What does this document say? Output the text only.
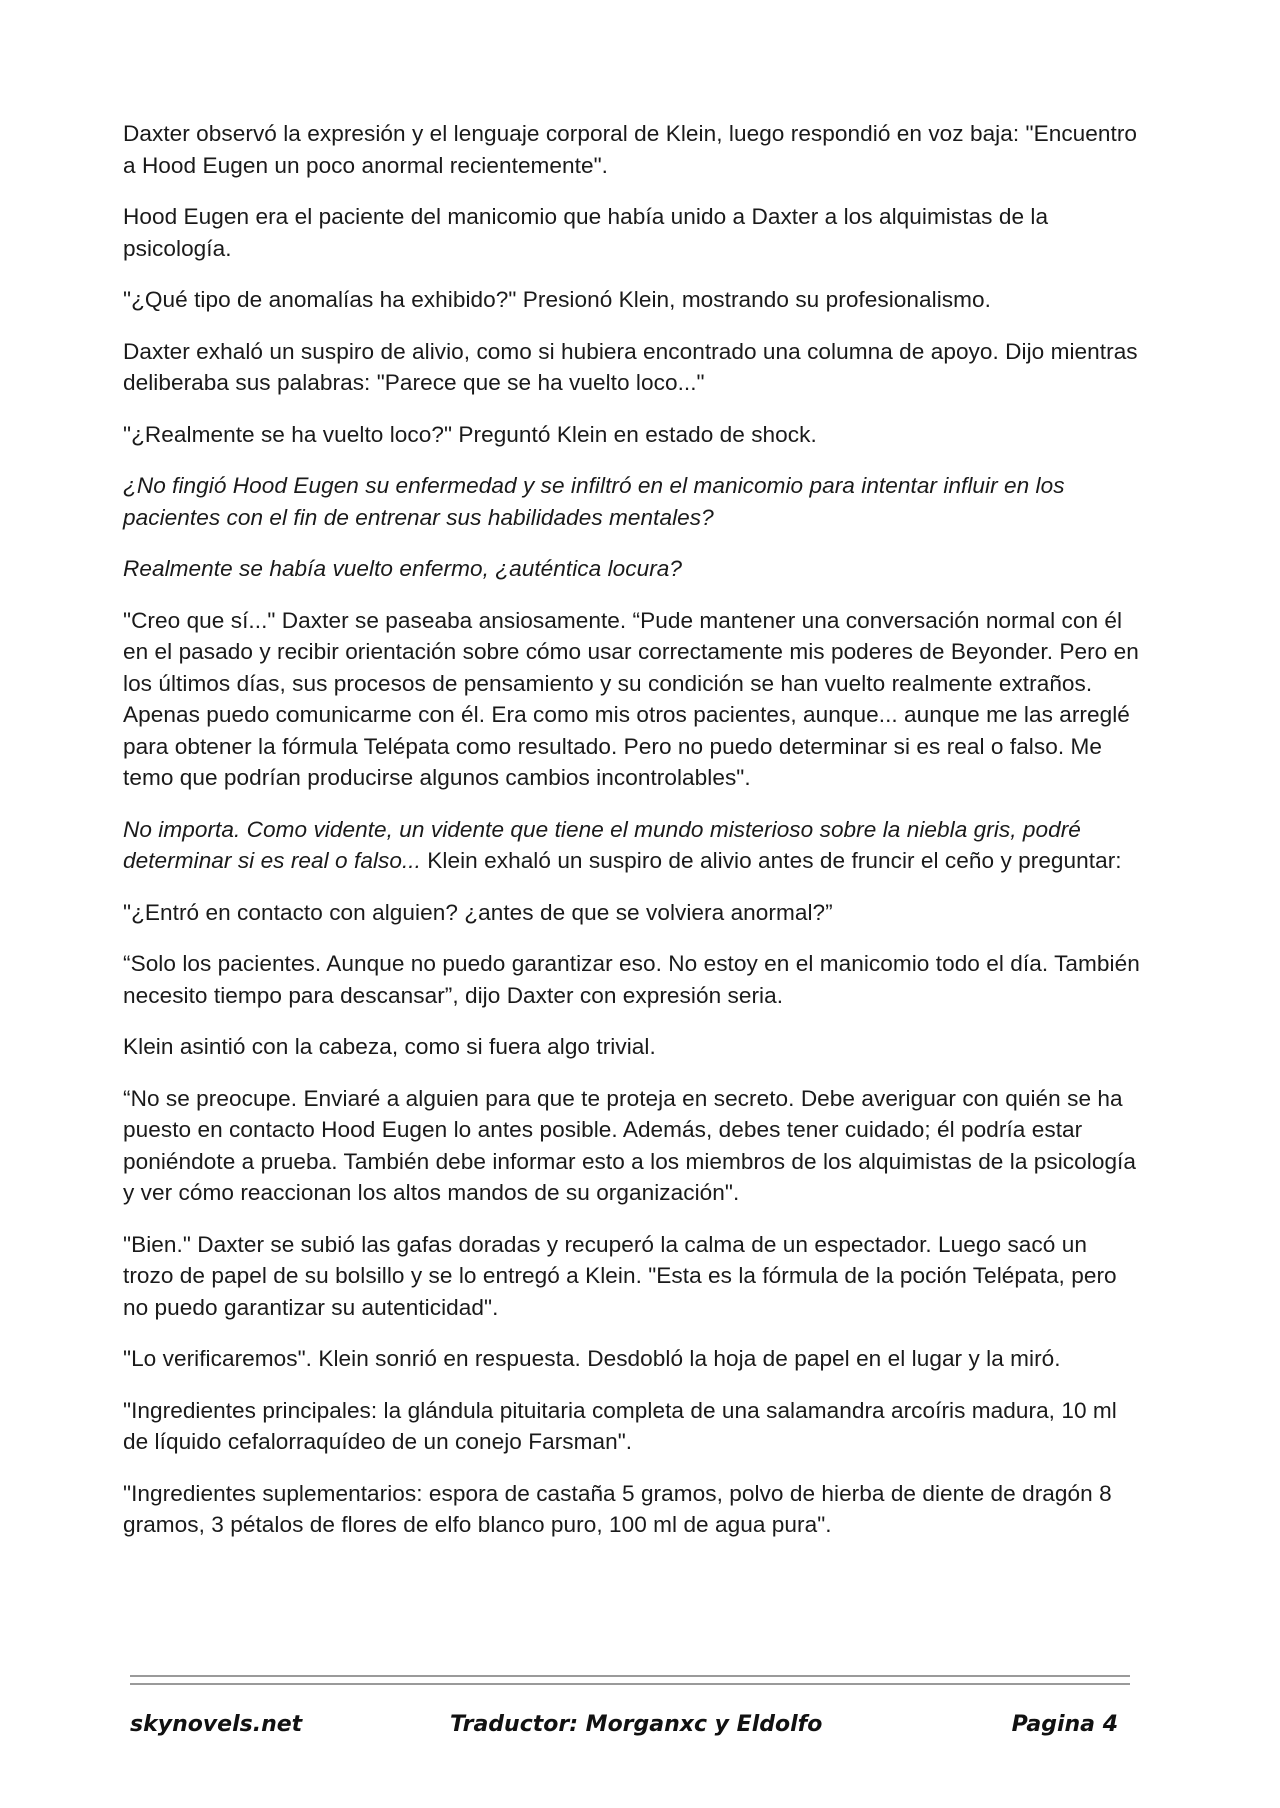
Daxter observó la expresión y el lenguaje corporal de Klein, luego respondió en voz baja: "Encuentro a Hood Eugen un poco anormal recientemente".

Hood Eugen era el paciente del manicomio que había unido a Daxter a los alquimistas de la psicología.

"¿Qué tipo de anomalías ha exhibido?" Presionó Klein, mostrando su profesionalismo.

Daxter exhaló un suspiro de alivio, como si hubiera encontrado una columna de apoyo. Dijo mientras deliberaba sus palabras: "Parece que se ha vuelto loco..."

"¿Realmente se ha vuelto loco?" Preguntó Klein en estado de shock.

¿No fingió Hood Eugen su enfermedad y se infiltró en el manicomio para intentar influir en los pacientes con el fin de entrenar sus habilidades mentales?

Realmente se había vuelto enfermo, ¿auténtica locura?

"Creo que sí..." Daxter se paseaba ansiosamente. “Pude mantener una conversación normal con él en el pasado y recibir orientación sobre cómo usar correctamente mis poderes de Beyonder. Pero en los últimos días, sus procesos de pensamiento y su condición se han vuelto realmente extraños. Apenas puedo comunicarme con él. Era como mis otros pacientes, aunque... aunque me las arreglé para obtener la fórmula Telépata como resultado. Pero no puedo determinar si es real o falso. Me temo que podrían producirse algunos cambios incontrolables".

No importa. Como vidente, un vidente que tiene el mundo misterioso sobre la niebla gris, podré determinar si es real o falso... Klein exhaló un suspiro de alivio antes de fruncir el ceño y preguntar:

"¿Entró en contacto con alguien? ¿antes de que se volviera anormal?”

“Solo los pacientes. Aunque no puedo garantizar eso. No estoy en el manicomio todo el día. También necesito tiempo para descansar”, dijo Daxter con expresión seria.

Klein asintió con la cabeza, como si fuera algo trivial.

“No se preocupe. Enviaré a alguien para que te proteja en secreto. Debe averiguar con quién se ha puesto en contacto Hood Eugen lo antes posible. Además, debes tener cuidado; él podría estar poniéndote a prueba. También debe informar esto a los miembros de los alquimistas de la psicología y ver cómo reaccionan los altos mandos de su organización".

"Bien." Daxter se subió las gafas doradas y recuperó la calma de un espectador. Luego sacó un trozo de papel de su bolsillo y se lo entregó a Klein. "Esta es la fórmula de la poción Telépata, pero no puedo garantizar su autenticidad".

"Lo verificaremos". Klein sonrió en respuesta. Desdobló la hoja de papel en el lugar y la miró.

"Ingredientes principales: la glándula pituitaria completa de una salamandra arcoíris madura, 10 ml de líquido cefalorraquídeo de un conejo Farsman".

"Ingredientes suplementarios: espora de castaña 5 gramos, polvo de hierba de diente de dragón 8 gramos, 3 pétalos de flores de elfo blanco puro, 100 ml de agua pura".

skynovels.net	Traductor: Morganxc y Eldolfo	Pagina 4
